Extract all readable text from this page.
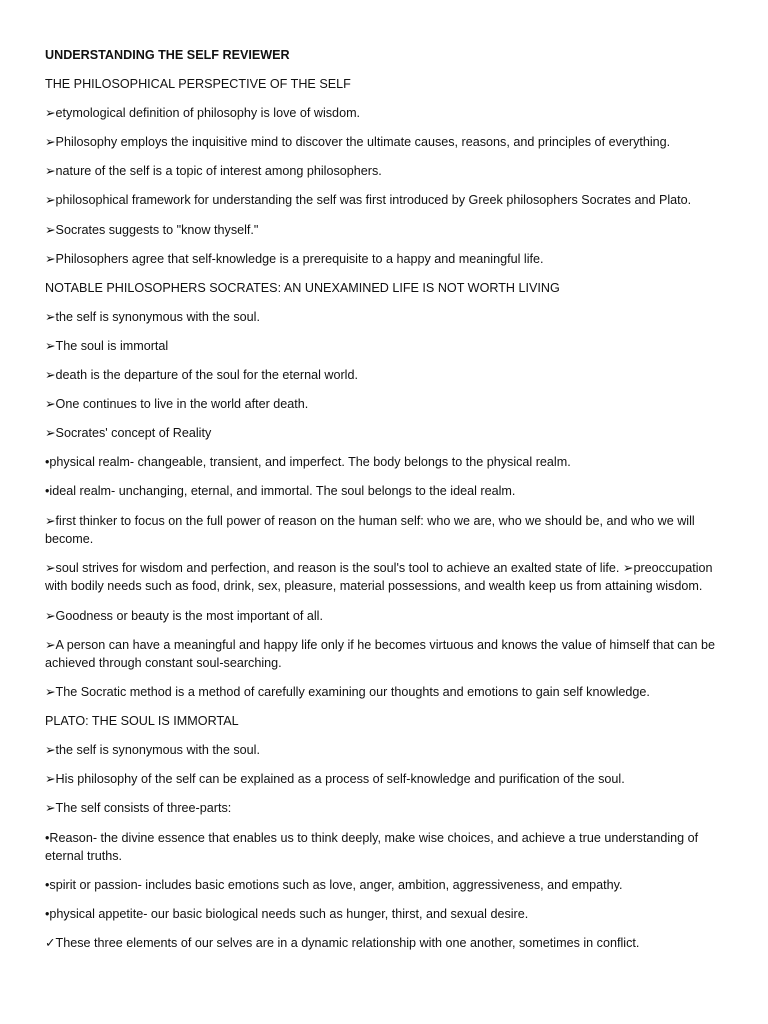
UNDERSTANDING THE SELF REVIEWER
THE PHILOSOPHICAL PERSPECTIVE OF THE SELF
➢etymological definition of philosophy is love of wisdom.
➢Philosophy employs the inquisitive mind to discover the ultimate causes, reasons, and principles of everything.
➢nature of the self is a topic of interest among philosophers.
➢philosophical framework for understanding the self was first introduced by Greek philosophers Socrates and Plato.
➢Socrates suggests to "know thyself."
➢Philosophers agree that self-knowledge is a prerequisite to a happy and meaningful life.
NOTABLE PHILOSOPHERS SOCRATES: AN UNEXAMINED LIFE IS NOT WORTH LIVING
➢the self is synonymous with the soul.
➢The soul is immortal
➢death is the departure of the soul for the eternal world.
➢One continues to live in the world after death.
➢Socrates' concept of Reality
•physical realm- changeable, transient, and imperfect. The body belongs to the physical realm.
•ideal realm- unchanging, eternal, and immortal. The soul belongs to the ideal realm.
➢first thinker to focus on the full power of reason on the human self: who we are, who we should be, and who we will become.
➢soul strives for wisdom and perfection, and reason is the soul's tool to achieve an exalted state of life. ➢preoccupation with bodily needs such as food, drink, sex, pleasure, material possessions, and wealth keep us from attaining wisdom.
➢Goodness or beauty is the most important of all.
➢A person can have a meaningful and happy life only if he becomes virtuous and knows the value of himself that can be achieved through constant soul-searching.
➢The Socratic method is a method of carefully examining our thoughts and emotions to gain self knowledge.
PLATO: THE SOUL IS IMMORTAL
➢the self is synonymous with the soul.
➢His philosophy of the self can be explained as a process of self-knowledge and purification of the soul.
➢The self consists of three-parts:
•Reason- the divine essence that enables us to think deeply, make wise choices, and achieve a true understanding of eternal truths.
•spirit or passion- includes basic emotions such as love, anger, ambition, aggressiveness, and empathy.
•physical appetite- our basic biological needs such as hunger, thirst, and sexual desire.
✓These three elements of our selves are in a dynamic relationship with one another, sometimes in conflict.
